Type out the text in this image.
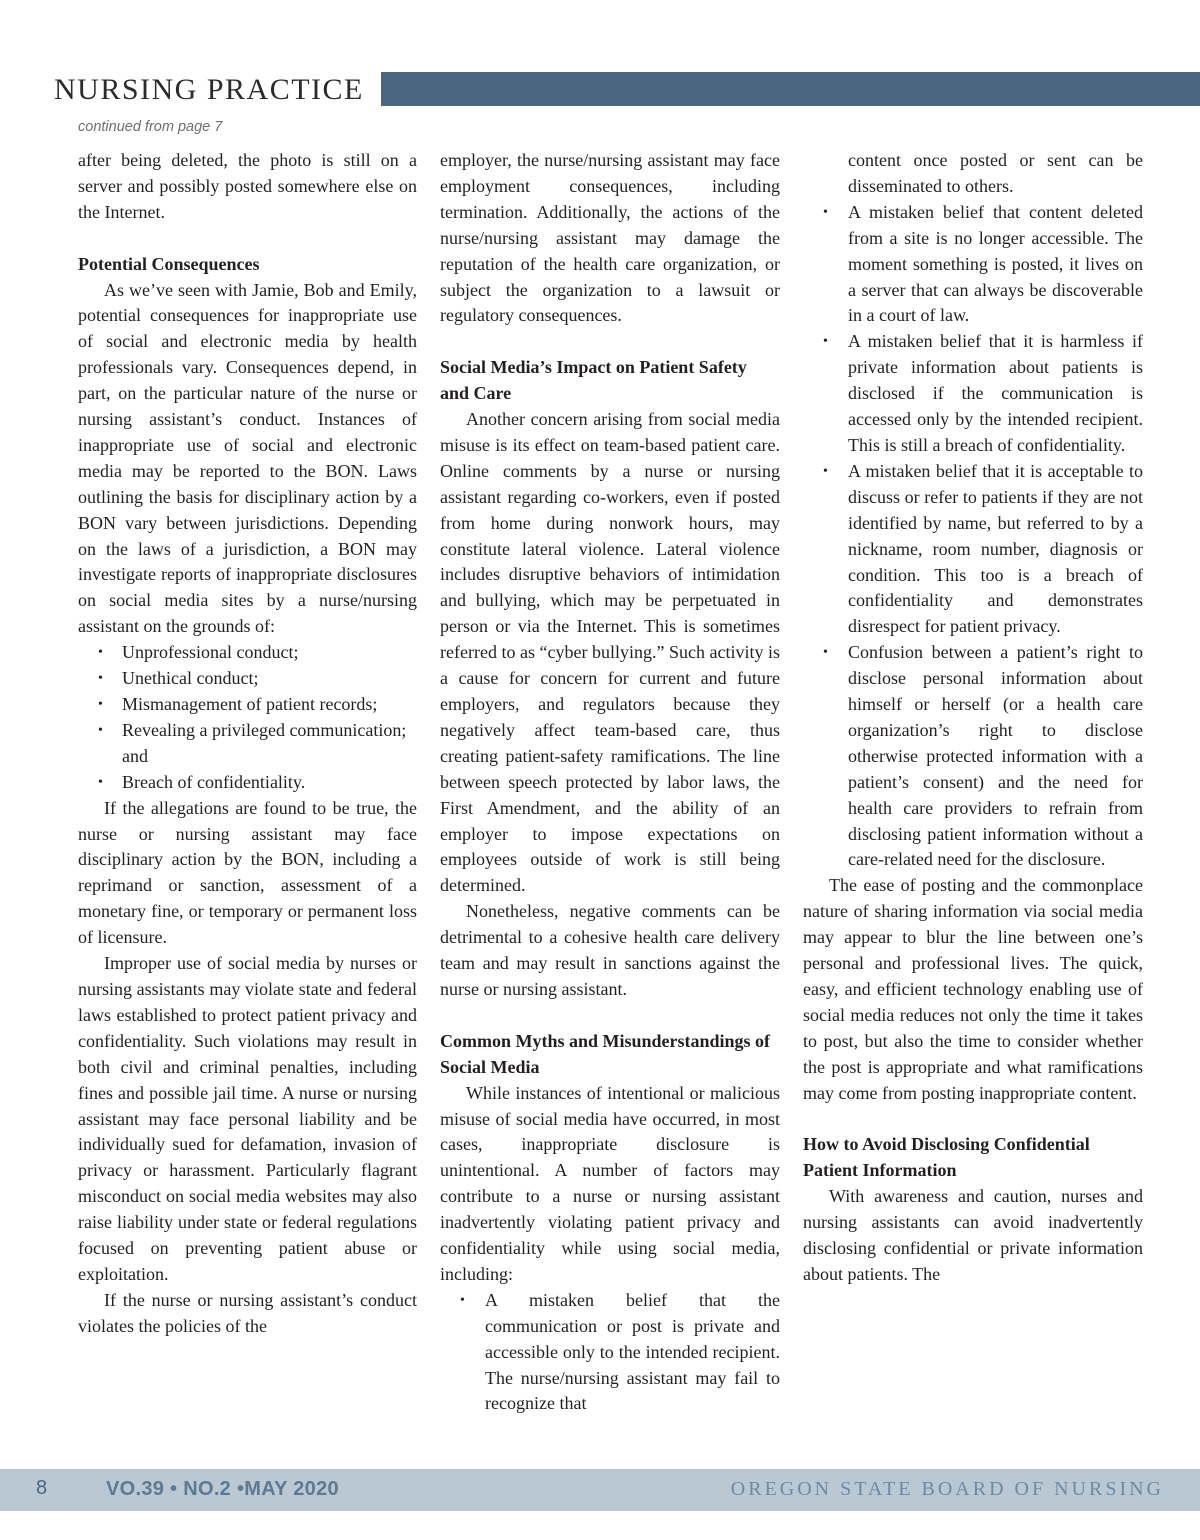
NURSING PRACTICE
continued from page 7

after being deleted, the photo is still on a server and possibly posted somewhere else on the Internet.

Potential Consequences

As we’ve seen with Jamie, Bob and Emily, potential consequences for inappropriate use of social and electronic media by health professionals vary. Consequences depend, in part, on the particular nature of the nurse or nursing assistant’s conduct. Instances of inappropriate use of social and electronic media may be reported to the BON. Laws outlining the basis for disciplinary action by a BON vary between jurisdictions. Depending on the laws of a jurisdiction, a BON may investigate reports of inappropriate disclosures on social media sites by a nurse/nursing assistant on the grounds of:

• Unprofessional conduct;
• Unethical conduct;
• Mismanagement of patient records;
• Revealing a privileged communication; and
• Breach of confidentiality.

If the allegations are found to be true, the nurse or nursing assistant may face disciplinary action by the BON, including a reprimand or sanction, assessment of a monetary fine, or temporary or permanent loss of licensure.

Improper use of social media by nurses or nursing assistants may violate state and federal laws established to protect patient privacy and confidentiality. Such violations may result in both civil and criminal penalties, including fines and possible jail time. A nurse or nursing assistant may face personal liability and be individually sued for defamation, invasion of privacy or harassment. Particularly flagrant misconduct on social media websites may also raise liability under state or federal regulations focused on preventing patient abuse or exploitation.

If the nurse or nursing assistant’s conduct violates the policies of the

employer, the nurse/nursing assistant may face employment consequences, including termination. Additionally, the actions of the nurse/nursing assistant may damage the reputation of the health care organization, or subject the organization to a lawsuit or regulatory consequences.

Social Media’s Impact on Patient Safety and Care

Another concern arising from social media misuse is its effect on team-based patient care. Online comments by a nurse or nursing assistant regarding co-workers, even if posted from home during nonwork hours, may constitute lateral violence. Lateral violence includes disruptive behaviors of intimidation and bullying, which may be perpetuated in person or via the Internet. This is sometimes referred to as “cyber bullying.” Such activity is a cause for concern for current and future employers, and regulators because they negatively affect team-based care, thus creating patient-safety ramifications. The line between speech protected by labor laws, the First Amendment, and the ability of an employer to impose expectations on employees outside of work is still being determined.

Nonetheless, negative comments can be detrimental to a cohesive health care delivery team and may result in sanctions against the nurse or nursing assistant.

Common Myths and Misunderstandings of Social Media

While instances of intentional or malicious misuse of social media have occurred, in most cases, inappropriate disclosure is unintentional. A number of factors may contribute to a nurse or nursing assistant inadvertently violating patient privacy and confidentiality while using social media, including:

• A mistaken belief that the communication or post is private and accessible only to the intended recipient. The nurse/nursing assistant may fail to recognize that

content once posted or sent can be disseminated to others.

• A mistaken belief that content deleted from a site is no longer accessible. The moment something is posted, it lives on a server that can always be discoverable in a court of law.
• A mistaken belief that it is harmless if private information about patients is disclosed if the communication is accessed only by the intended recipient. This is still a breach of confidentiality.
• A mistaken belief that it is acceptable to discuss or refer to patients if they are not identified by name, but referred to by a nickname, room number, diagnosis or condition. This too is a breach of confidentiality and demonstrates disrespect for patient privacy.
• Confusion between a patient’s right to disclose personal information about himself or herself (or a health care organization’s right to disclose otherwise protected information with a patient’s consent) and the need for health care providers to refrain from disclosing patient information without a care-related need for the disclosure.

The ease of posting and the commonplace nature of sharing information via social media may appear to blur the line between one’s personal and professional lives. The quick, easy, and efficient technology enabling use of social media reduces not only the time it takes to post, but also the time to consider whether the post is appropriate and what ramifications may come from posting inappropriate content.

How to Avoid Disclosing Confidential Patient Information

With awareness and caution, nurses and nursing assistants can avoid inadvertently disclosing confidential or private information about patients. The

8	VO.39 • NO.2 •MAY 2020	OREGON STATE BOARD OF NURSING
